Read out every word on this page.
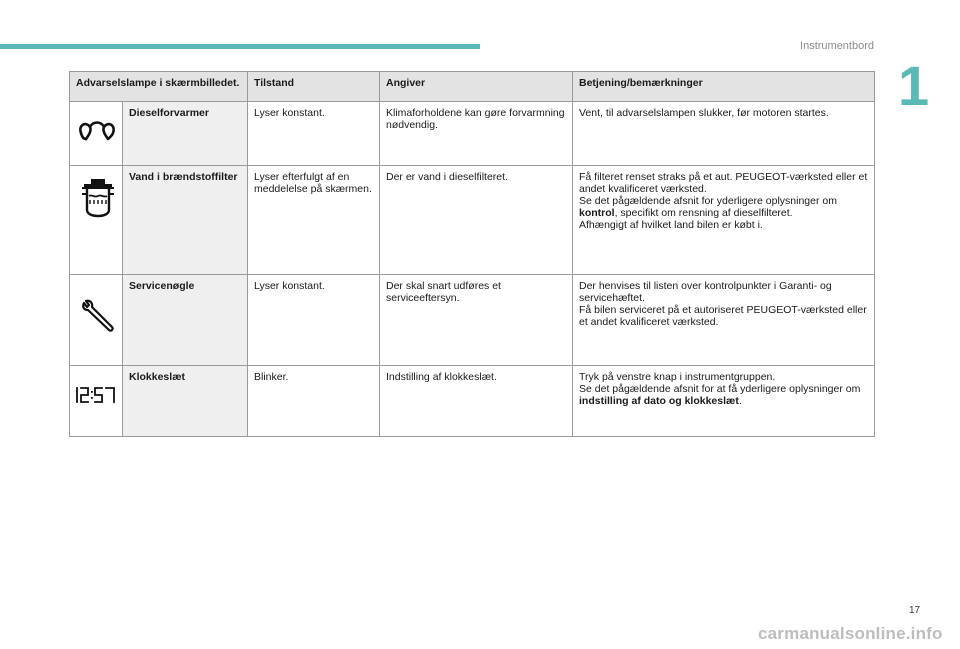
Instrumentbord
1
Advarselslampe i skærmbilledet.		Tilstand	Angiver	Betjening/bemærkninger

	Dieselforvarmer	Lyser konstant.	Klimaforholdene kan gøre forvarmning nødvendig.	Vent, til advarselslampen slukker, før motoren startes.

	Vand i brændstoffilter	Lyser efterfulgt af en meddelelse på skærmen.	Der er vand i dieselfilteret.	Få filteret renset straks på et aut. PEUGEOT-værksted eller et andet kvalificeret værksted.
Se det pågældende afsnit for yderligere oplysninger om kontrol, specifikt om rensning af dieselfilteret.
Afhængigt af hvilket land bilen er købt i.

	Servicenøgle	Lyser konstant.	Der skal snart udføres et serviceeftersyn.	Der henvises til listen over kontrolpunkter i Garanti- og servicehæftet.
Få bilen serviceret på et autoriseret PEUGEOT-værksted eller et andet kvalificeret værksted.

	Klokkeslæt	Blinker.	Indstilling af klokkeslæt.	Tryk på venstre knap i instrumentgruppen.
Se det pågældende afsnit for at få yderligere oplysninger om indstilling af dato og klokkeslæt.
17
carmanualsonline.info
